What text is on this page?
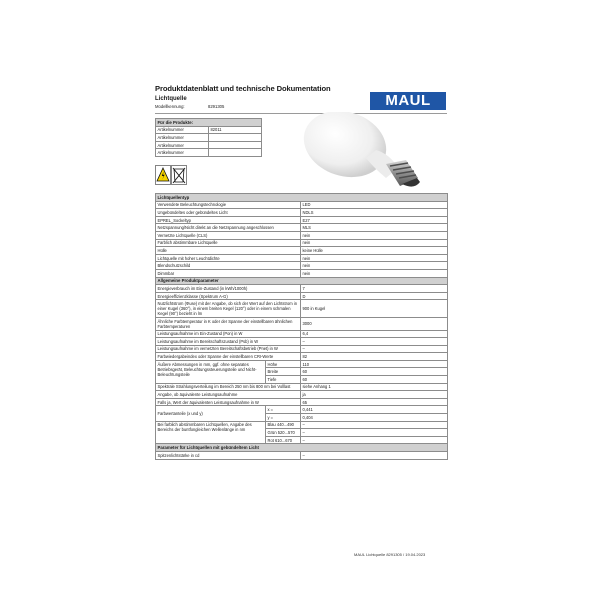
Produktdatenblatt und technische Dokumentation
Lichtquelle
Modellkennung:	8291305	MAUL
Für die Produkte:	
Artikelnummer	82011
Artikelnummer	
Artikelnummer	
Artikelnummer	
Lichtquellentyp		
Verwendete Beleuchtungstechnologie		LED
Ungebündeltes oder gebündeltes Licht		NDLS
EPREL_Sockeltyp		E27
Netzspannung/Nicht direkt an die Netzspannung angeschlossen		MLS
Vernetzte Lichtquelle (CLS)		nein
Farblich abstimmbare Lichtquelle		nein
Hülle		keine Hülle
Lichtquelle mit hoher Leuchtdichte		nein
Blendschutzschild		nein
Dimmbar		nein
Allgemeine Produktparameter		
Energieverbrauch im Ein-Zustand (in kWh/1000h)		7
Energieeffizienzklasse (Spektrum A-G)		D
Nutzlichtstrom (Φuse) mit der Angabe, ob sich der Wert auf den Lichtstrom in einer Kugel (360°), in einem breiten Kegel (120°) oder in einem schmalen Kegel (90°) bezieht in lm		900 in Kugel
Ähnliche Farbtemperatur in K oder der Spanne der einstellbaren ähnlichen Farbtemperaturen		3000
Leistungsaufnahme im Ein-Zustand (Pon) in W		6,4
Leistungsaufnahme im Bereitschaftszustand (Psb) in W		–
Leistungsaufnahme im vernetzten Bereitschaftsbetrieb (Pnet) in W		–
Farbwiedergabeindex oder Spanne der einstellbaren CRI-Werte		82
Äußere Abmessungen in mm, ggf. ohne separates Betriebsgerät, Beleuchtungssteuerungsteile und Nicht-Beleuchtungsteile	Höhe	110
	Breite	60
	Tiefe	60
Spektrale Strahlungsverteilung im Bereich 250 nm bis 800 nm bei Volllast		siehe Anhang 1
Angabe, ob äquivalente Leistungsaufnahme		ja
Falls ja, Wert der äquivalenten Leistungsaufnahme in W		65
Farbwertanteile (x und y)	x =	0,441
	y =	0,404
Bei farblich abstimmbaren Lichtquellen, Angabe des Bereichs der buntfongleichen Wellenlänge in nm	Blau 440...490	–
	Grün 520...570	–
	Rot 610...670	–
Parameter für Lichtquellen mit gebündeltem Licht		
Spitzenlichtstärke in cd		–
MAUL Lichtquelle 8291305 / 19.04.2023
